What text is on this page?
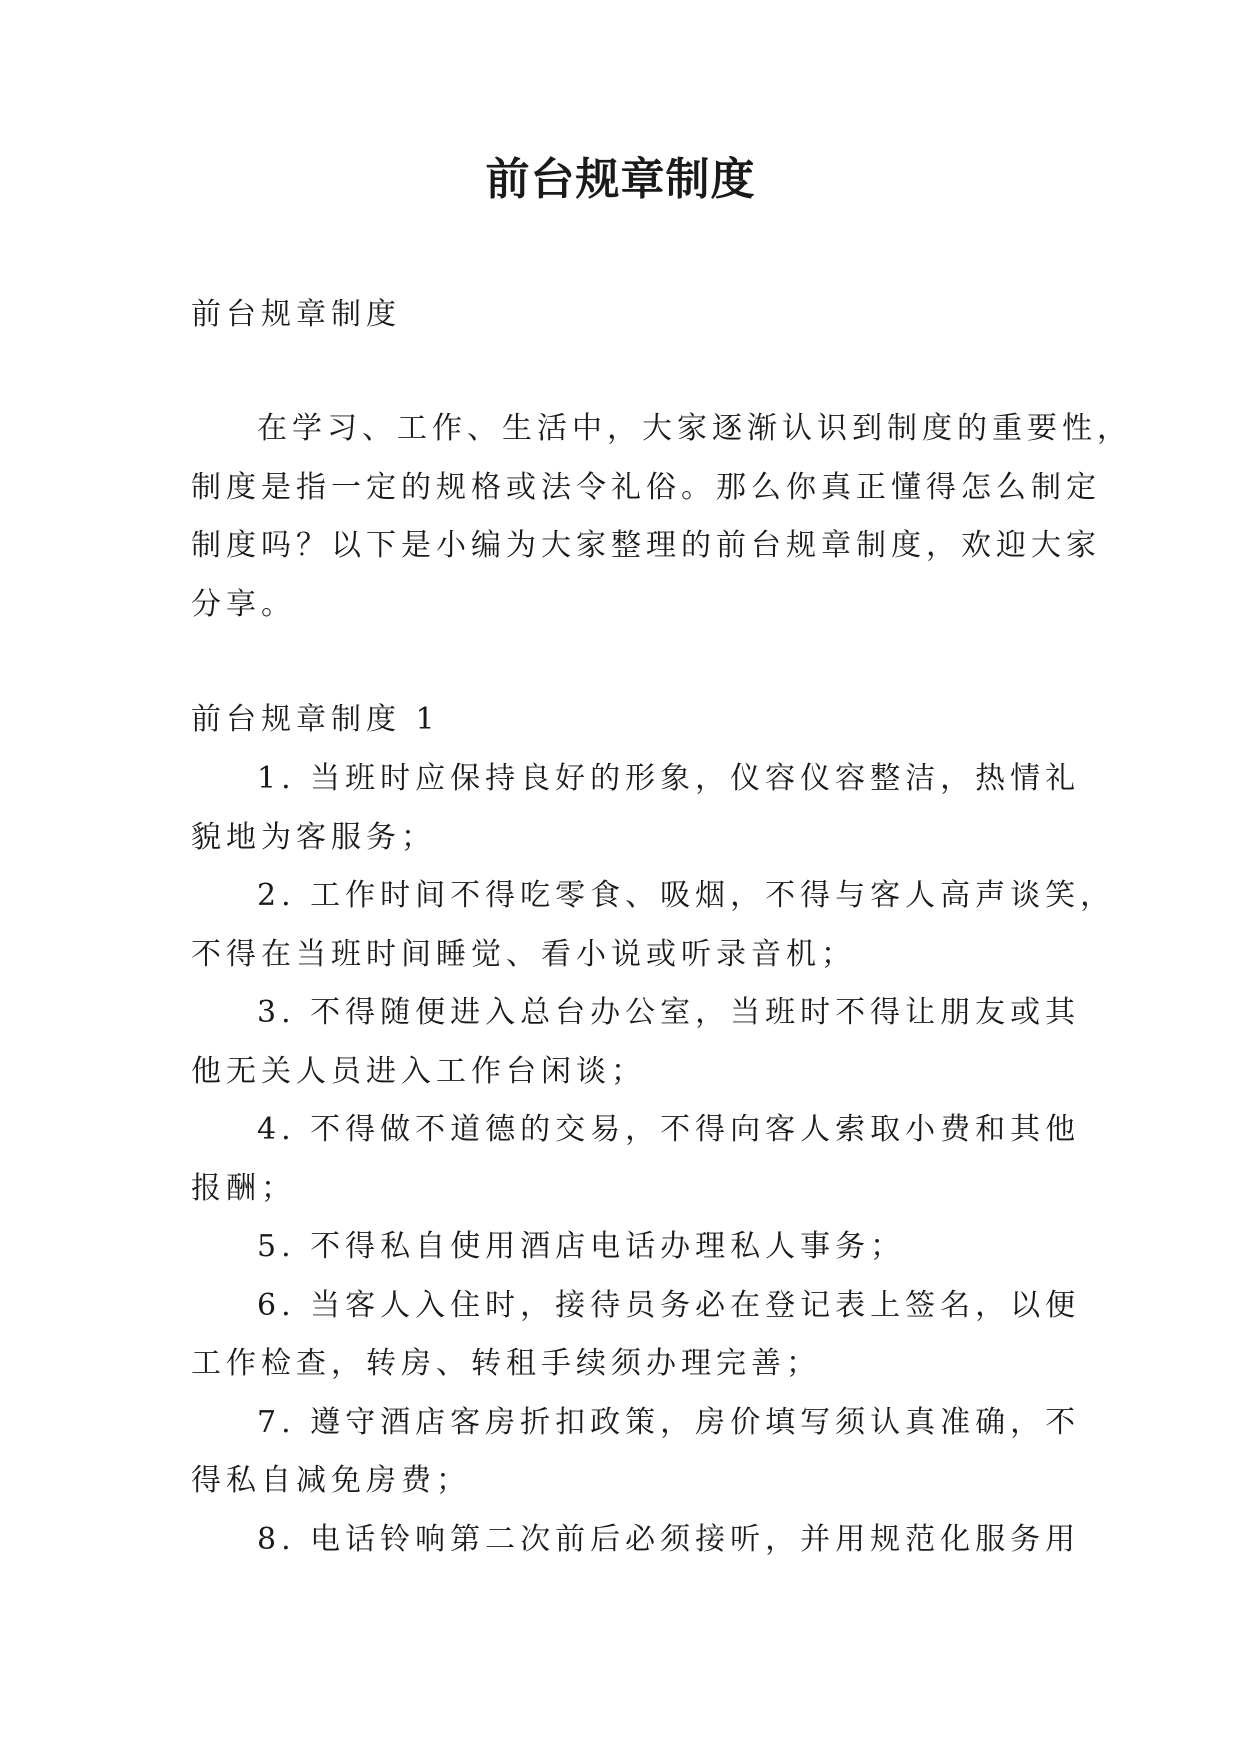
前台规章制度
前台规章制度
在学习、工作、生活中，大家逐渐认识到制度的重要性，
制度是指一定的规格或法令礼俗。那么你真正懂得怎么制定
制度吗？以下是小编为大家整理的前台规章制度，欢迎大家
分享。
前台规章制度 1
1. 当班时应保持良好的形象，仪容仪容整洁，热情礼
貌地为客服务；
2. 工作时间不得吃零食、吸烟，不得与客人高声谈笑，
不得在当班时间睡觉、看小说或听录音机；
3. 不得随便进入总台办公室，当班时不得让朋友或其
他无关人员进入工作台闲谈；
4. 不得做不道德的交易，不得向客人索取小费和其他
报酬；
5. 不得私自使用酒店电话办理私人事务；
6. 当客人入住时，接待员务必在登记表上签名，以便
工作检查，转房、转租手续须办理完善；
7. 遵守酒店客房折扣政策，房价填写须认真准确，不
得私自减免房费；
8. 电话铃响第二次前后必须接听，并用规范化服务用
